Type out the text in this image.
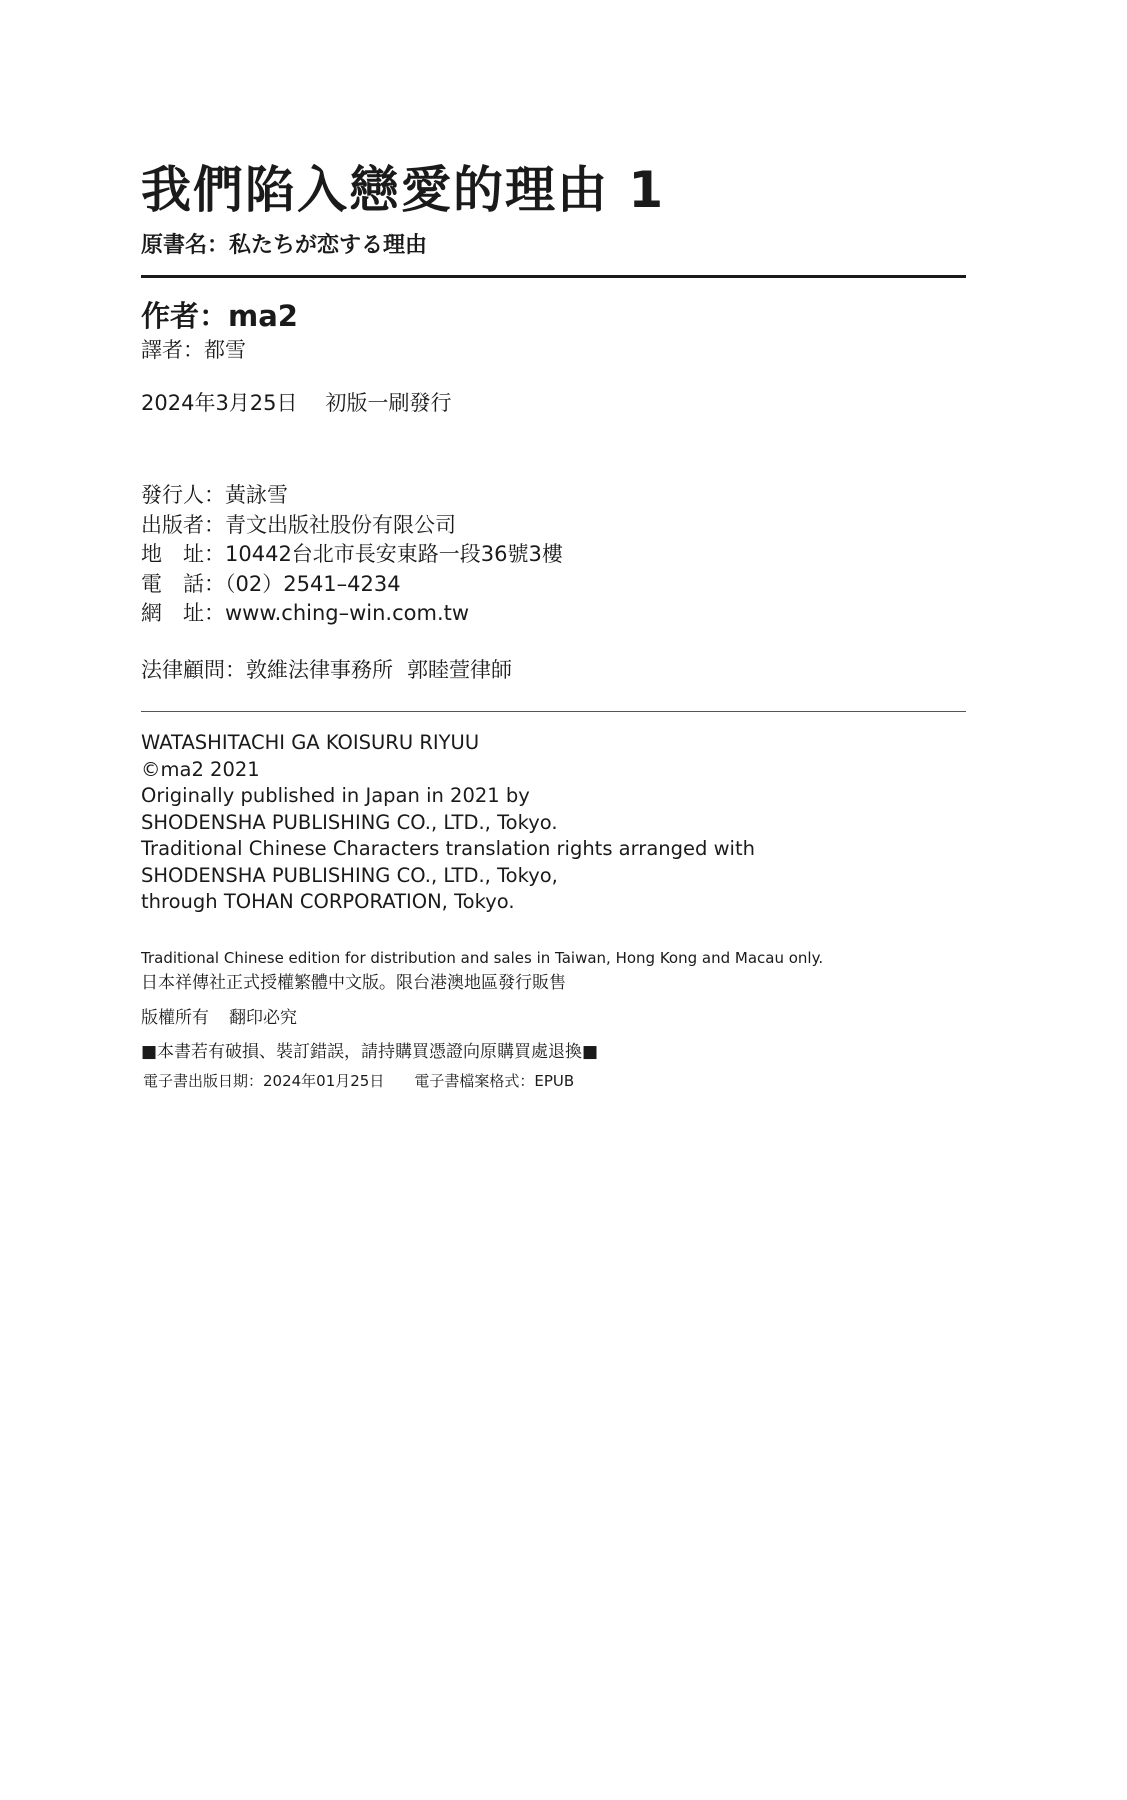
我們陷入戀愛的理由 1
原書名：私たちが恋する理由
作者：ma2
譯者：都雪
2024年3月25日 初版一刷發行
發行人：黃詠雪
出版者：青文出版社股份有限公司
地　址：10442台北市長安東路一段36號3樓
電　話：（02）2541–4234
網　址：www.ching–win.com.tw
法律顧問：敦維法律事務所 郭睦萱律師
WATASHITACHI GA KOISURU RIYUU
©ma2 2021
Originally published in Japan in 2021 by
SHODENSHA PUBLISHING CO., LTD., Tokyo.
Traditional Chinese Characters translation rights arranged with
SHODENSHA PUBLISHING CO., LTD., Tokyo,
through TOHAN CORPORATION, Tokyo.
Traditional Chinese edition for distribution and sales in Taiwan, Hong Kong and Macau only.
日本祥傳社正式授權繁體中文版。限台港澳地區發行販售
版權所有 翻印必究
■本書若有破損、裝訂錯誤，請持購買憑證向原購買處退換■
電子書出版日期：2024年01月25日 電子書檔案格式：EPUB
